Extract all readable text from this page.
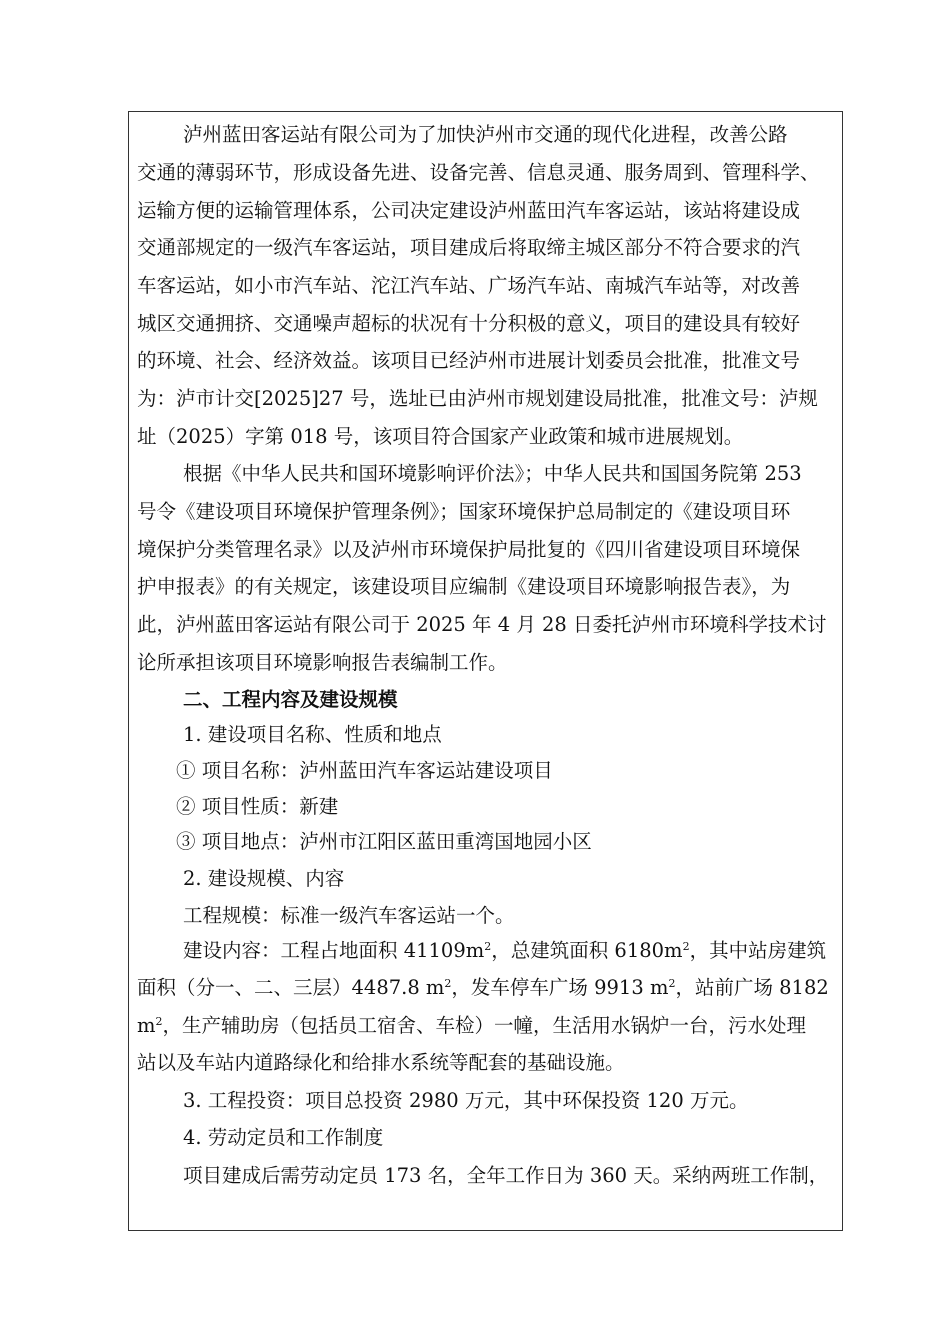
泸州蓝田客运站有限公司为了加快泸州市交通的现代化进程，改善公路
交通的薄弱环节，形成设备先进、设备完善、信息灵通、服务周到、管理科学、
运输方便的运输管理体系，公司决定建设泸州蓝田汽车客运站，该站将建设成
交通部规定的一级汽车客运站，项目建成后将取缔主城区部分不符合要求的汽
车客运站，如小市汽车站、沱江汽车站、广场汽车站、南城汽车站等，对改善
城区交通拥挤、交通噪声超标的状况有十分积极的意义，项目的建设具有较好
的环境、社会、经济效益。该项目已经泸州市进展计划委员会批准，批准文号
为：泸市计交[2025]27 号，选址已由泸州市规划建设局批准，批准文号：泸规
址（2025）字第 018 号，该项目符合国家产业政策和城市进展规划。
根据《中华人民共和国环境影响评价法》；中华人民共和国国务院第 253
号令《建设项目环境保护管理条例》；国家环境保护总局制定的《建设项目环
境保护分类管理名录》以及泸州市环境保护局批复的《四川省建设项目环境保
护申报表》的有关规定，该建设项目应编制《建设项目环境影响报告表》，为
此，泸州蓝田客运站有限公司于 2025 年 4 月 28 日委托泸州市环境科学技术讨
论所承担该项目环境影响报告表编制工作。
二、工程内容及建设规模
1. 建设项目名称、性质和地点
① 项目名称：泸州蓝田汽车客运站建设项目
② 项目性质：新建
③ 项目地点：泸州市江阳区蓝田重湾国地园小区
2. 建设规模、内容
工程规模：标准一级汽车客运站一个。
建设内容：工程占地面积 $41109m^2$，总建筑面积 $6180m^2$，其中站房建筑
面积（分一、二、三层）4487.8 $m^2$，发车停车广场 9913 $m^2$，站前广场 8182
$m^2$，生产辅助房（包括员工宿舍、车检）一幢，生活用水锅炉一台，污水处理
站以及车站内道路绿化和给排水系统等配套的基础设施。
3. 工程投资：项目总投资 2980 万元，其中环保投资 120 万元。
4. 劳动定员和工作制度
项目建成后需劳动定员 173 名，全年工作日为 360 天。采纳两班工作制，
